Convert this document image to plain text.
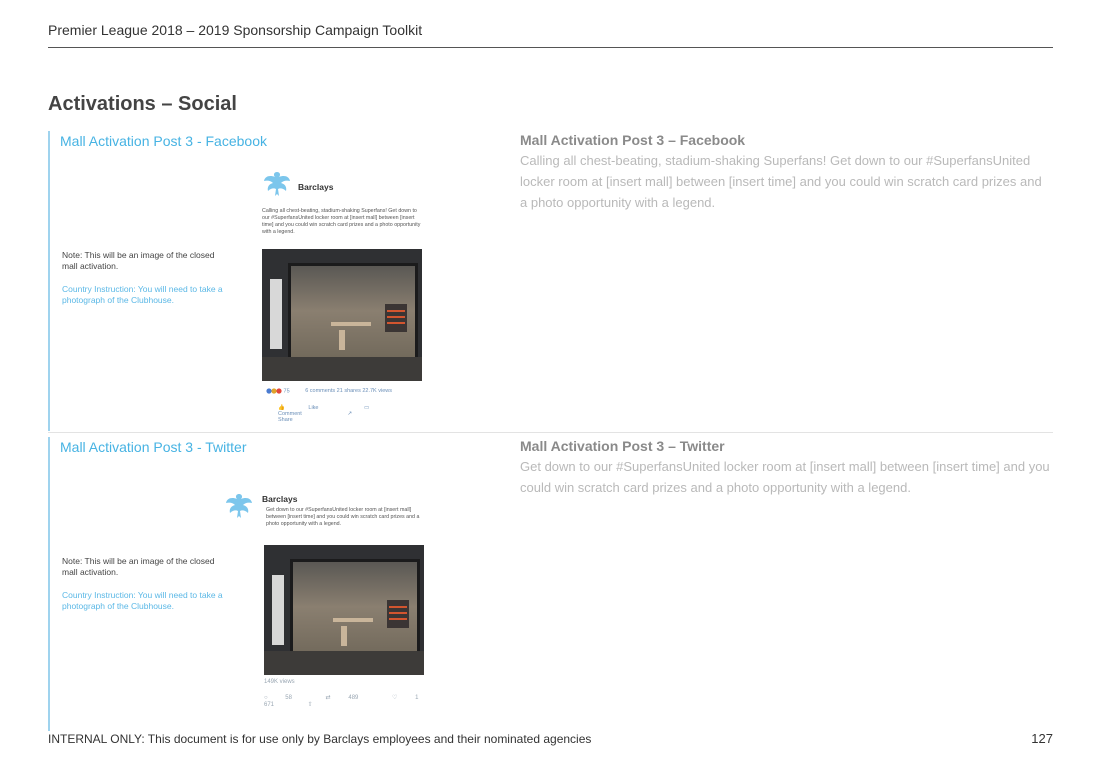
Premier League 2018 – 2019 Sponsorship Campaign Toolkit
Activations – Social
Mall Activation Post 3 - Facebook
Note: This will be an image of the closed mall activation.
Country Instruction: You will need to take a photograph of the Clubhouse.
Barclays
Calling all chest-beating, stadium-shaking Superfans! Get down to our #SuperfansUnited locker room at [insert mall] between [insert time] and you could win scratch card prizes and a photo opportunity with a legend.
75	6 comments 21 shares 22.7K views
👍	Like	▭ Comment	↗ Share
Mall Activation Post 3 – Facebook
Calling all chest-beating, stadium-shaking Superfans! Get down to our #SuperfansUnited locker room at [insert mall] between [insert time] and you could win scratch card prizes and a photo opportunity with a legend.
Mall Activation Post 3 - Twitter
Note: This will be an image of the closed mall activation.
Country Instruction: You will need to take a photograph of the Clubhouse.
Barclays
Get down to our #SuperfansUnited locker room at [insert mall] between [insert time] and you could win scratch card prizes and a photo opportunity with a legend.
149K views
○	58	⇄	489	♡	1 671	⇧
Mall Activation Post 3 – Twitter
Get down to our #SuperfansUnited locker room at [insert mall] between [insert time] and you could win scratch card prizes and a photo opportunity with a legend.
INTERNAL ONLY: This document is for use only by Barclays employees and their nominated agencies	127
